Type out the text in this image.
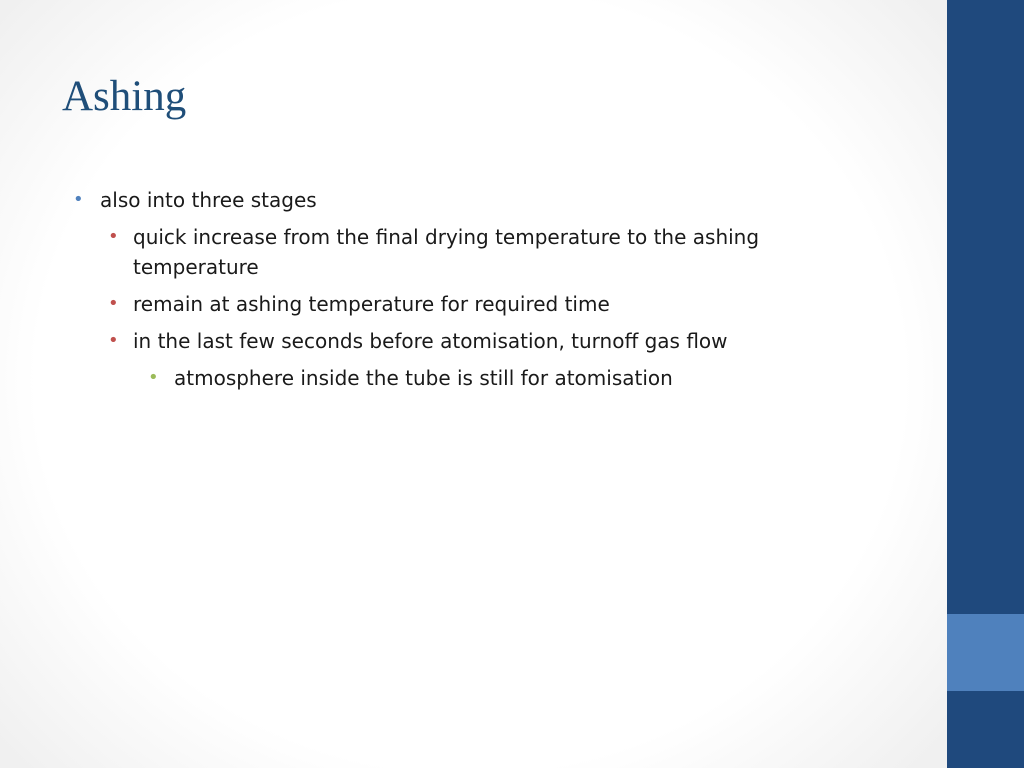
Ashing
• also into three stages
• quick increase from the final drying temperature to the ashing temperature
• remain at ashing temperature for required time
• in the last few seconds before atomisation, turnoff gas flow
• atmosphere inside the tube is still for atomisation
